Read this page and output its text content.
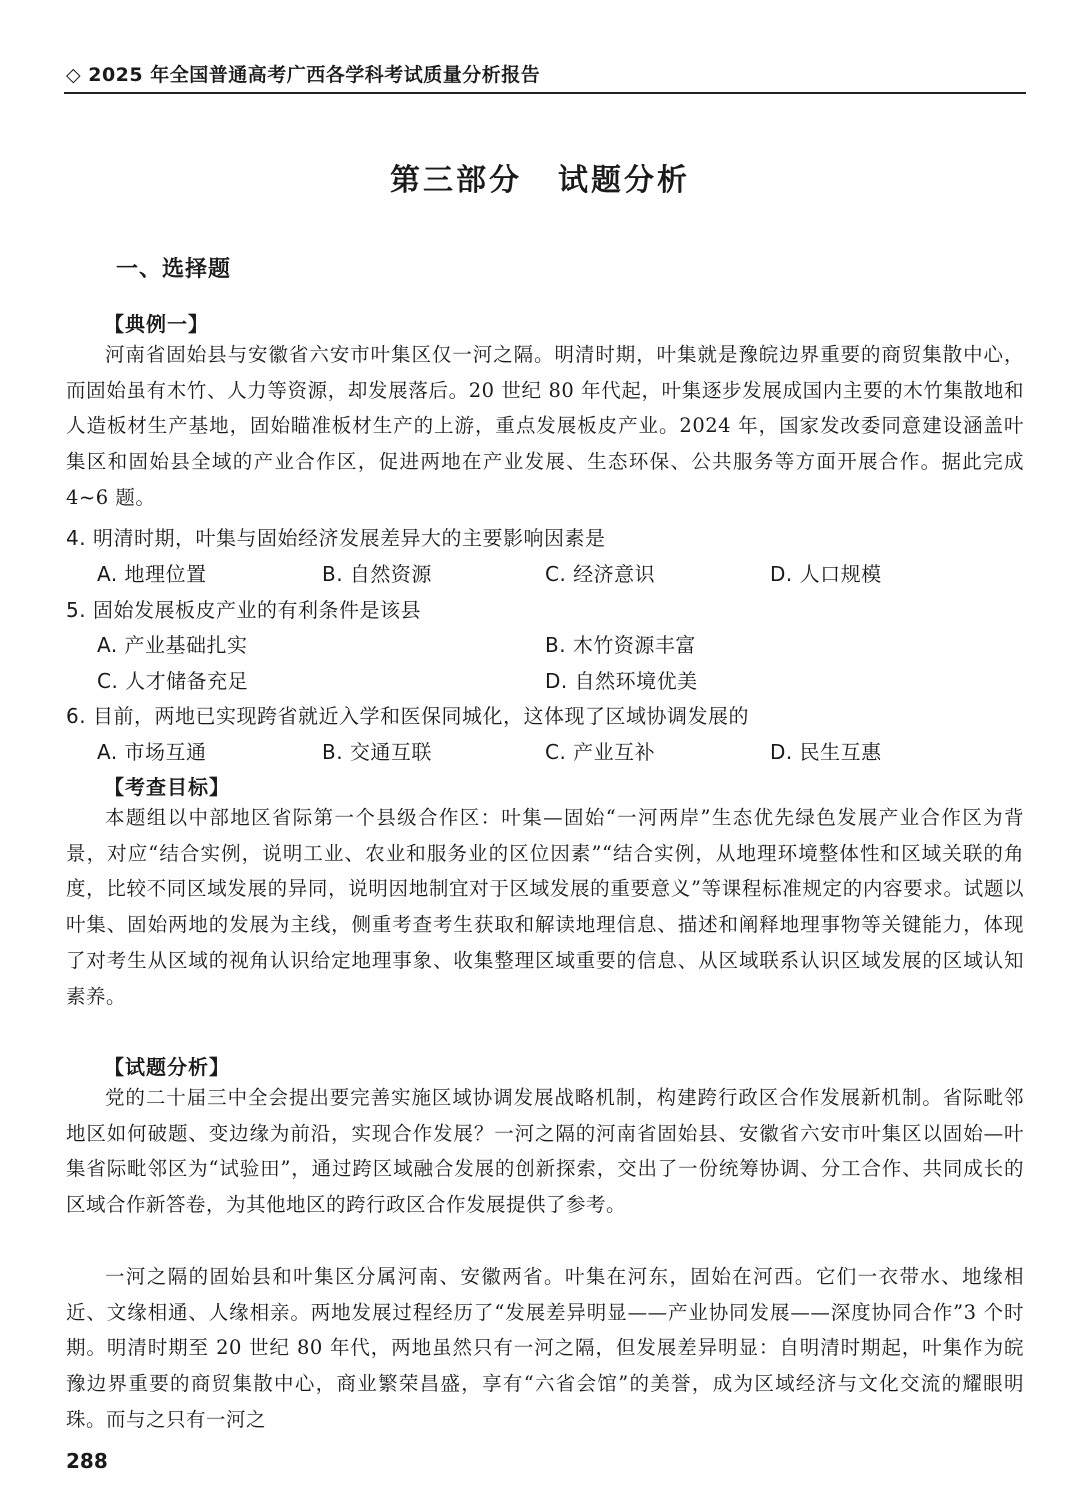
◇ 2025 年全国普通高考广西各学科考试质量分析报告
第三部分 试题分析
一、选择题
【典例一】
河南省固始县与安徽省六安市叶集区仅一河之隔。明清时期，叶集就是豫皖边界重要的商贸集散中心，而固始虽有木竹、人力等资源，却发展落后。20 世纪 80 年代起，叶集逐步发展成国内主要的木竹集散地和人造板材生产基地，固始瞄准板材生产的上游，重点发展板皮产业。2024 年，国家发改委同意建设涵盖叶集区和固始县全域的产业合作区，促进两地在产业发展、生态环保、公共服务等方面开展合作。据此完成 4~6 题。
4. 明清时期，叶集与固始经济发展差异大的主要影响因素是
A. 地理位置	B. 自然资源	C. 经济意识	D. 人口规模
5. 固始发展板皮产业的有利条件是该县
A. 产业基础扎实	B. 木竹资源丰富
C. 人才储备充足	D. 自然环境优美
6. 目前，两地已实现跨省就近入学和医保同城化，这体现了区域协调发展的
A. 市场互通	B. 交通互联	C. 产业互补	D. 民生互惠
【考查目标】
本题组以中部地区省际第一个县级合作区：叶集—固始“一河两岸”生态优先绿色发展产业合作区为背景，对应“结合实例，说明工业、农业和服务业的区位因素”“结合实例，从地理环境整体性和区域关联的角度，比较不同区域发展的异同，说明因地制宜对于区域发展的重要意义”等课程标准规定的内容要求。试题以叶集、固始两地的发展为主线，侧重考查考生获取和解读地理信息、描述和阐释地理事物等关键能力，体现了对考生从区域的视角认识给定地理事象、收集整理区域重要的信息、从区域联系认识区域发展的区域认知素养。
【试题分析】
党的二十届三中全会提出要完善实施区域协调发展战略机制，构建跨行政区合作发展新机制。省际毗邻地区如何破题、变边缘为前沿，实现合作发展？一河之隔的河南省固始县、安徽省六安市叶集区以固始—叶集省际毗邻区为“试验田”，通过跨区域融合发展的创新探索，交出了一份统筹协调、分工合作、共同成长的区域合作新答卷，为其他地区的跨行政区合作发展提供了参考。
一河之隔的固始县和叶集区分属河南、安徽两省。叶集在河东，固始在河西。它们一衣带水、地缘相近、文缘相通、人缘相亲。两地发展过程经历了“发展差异明显——产业协同发展——深度协同合作”3 个时期。明清时期至 20 世纪 80 年代，两地虽然只有一河之隔，但发展差异明显：自明清时期起，叶集作为皖豫边界重要的商贸集散中心，商业繁荣昌盛，享有“六省会馆”的美誉，成为区域经济与文化交流的耀眼明珠。而与之只有一河之
288
